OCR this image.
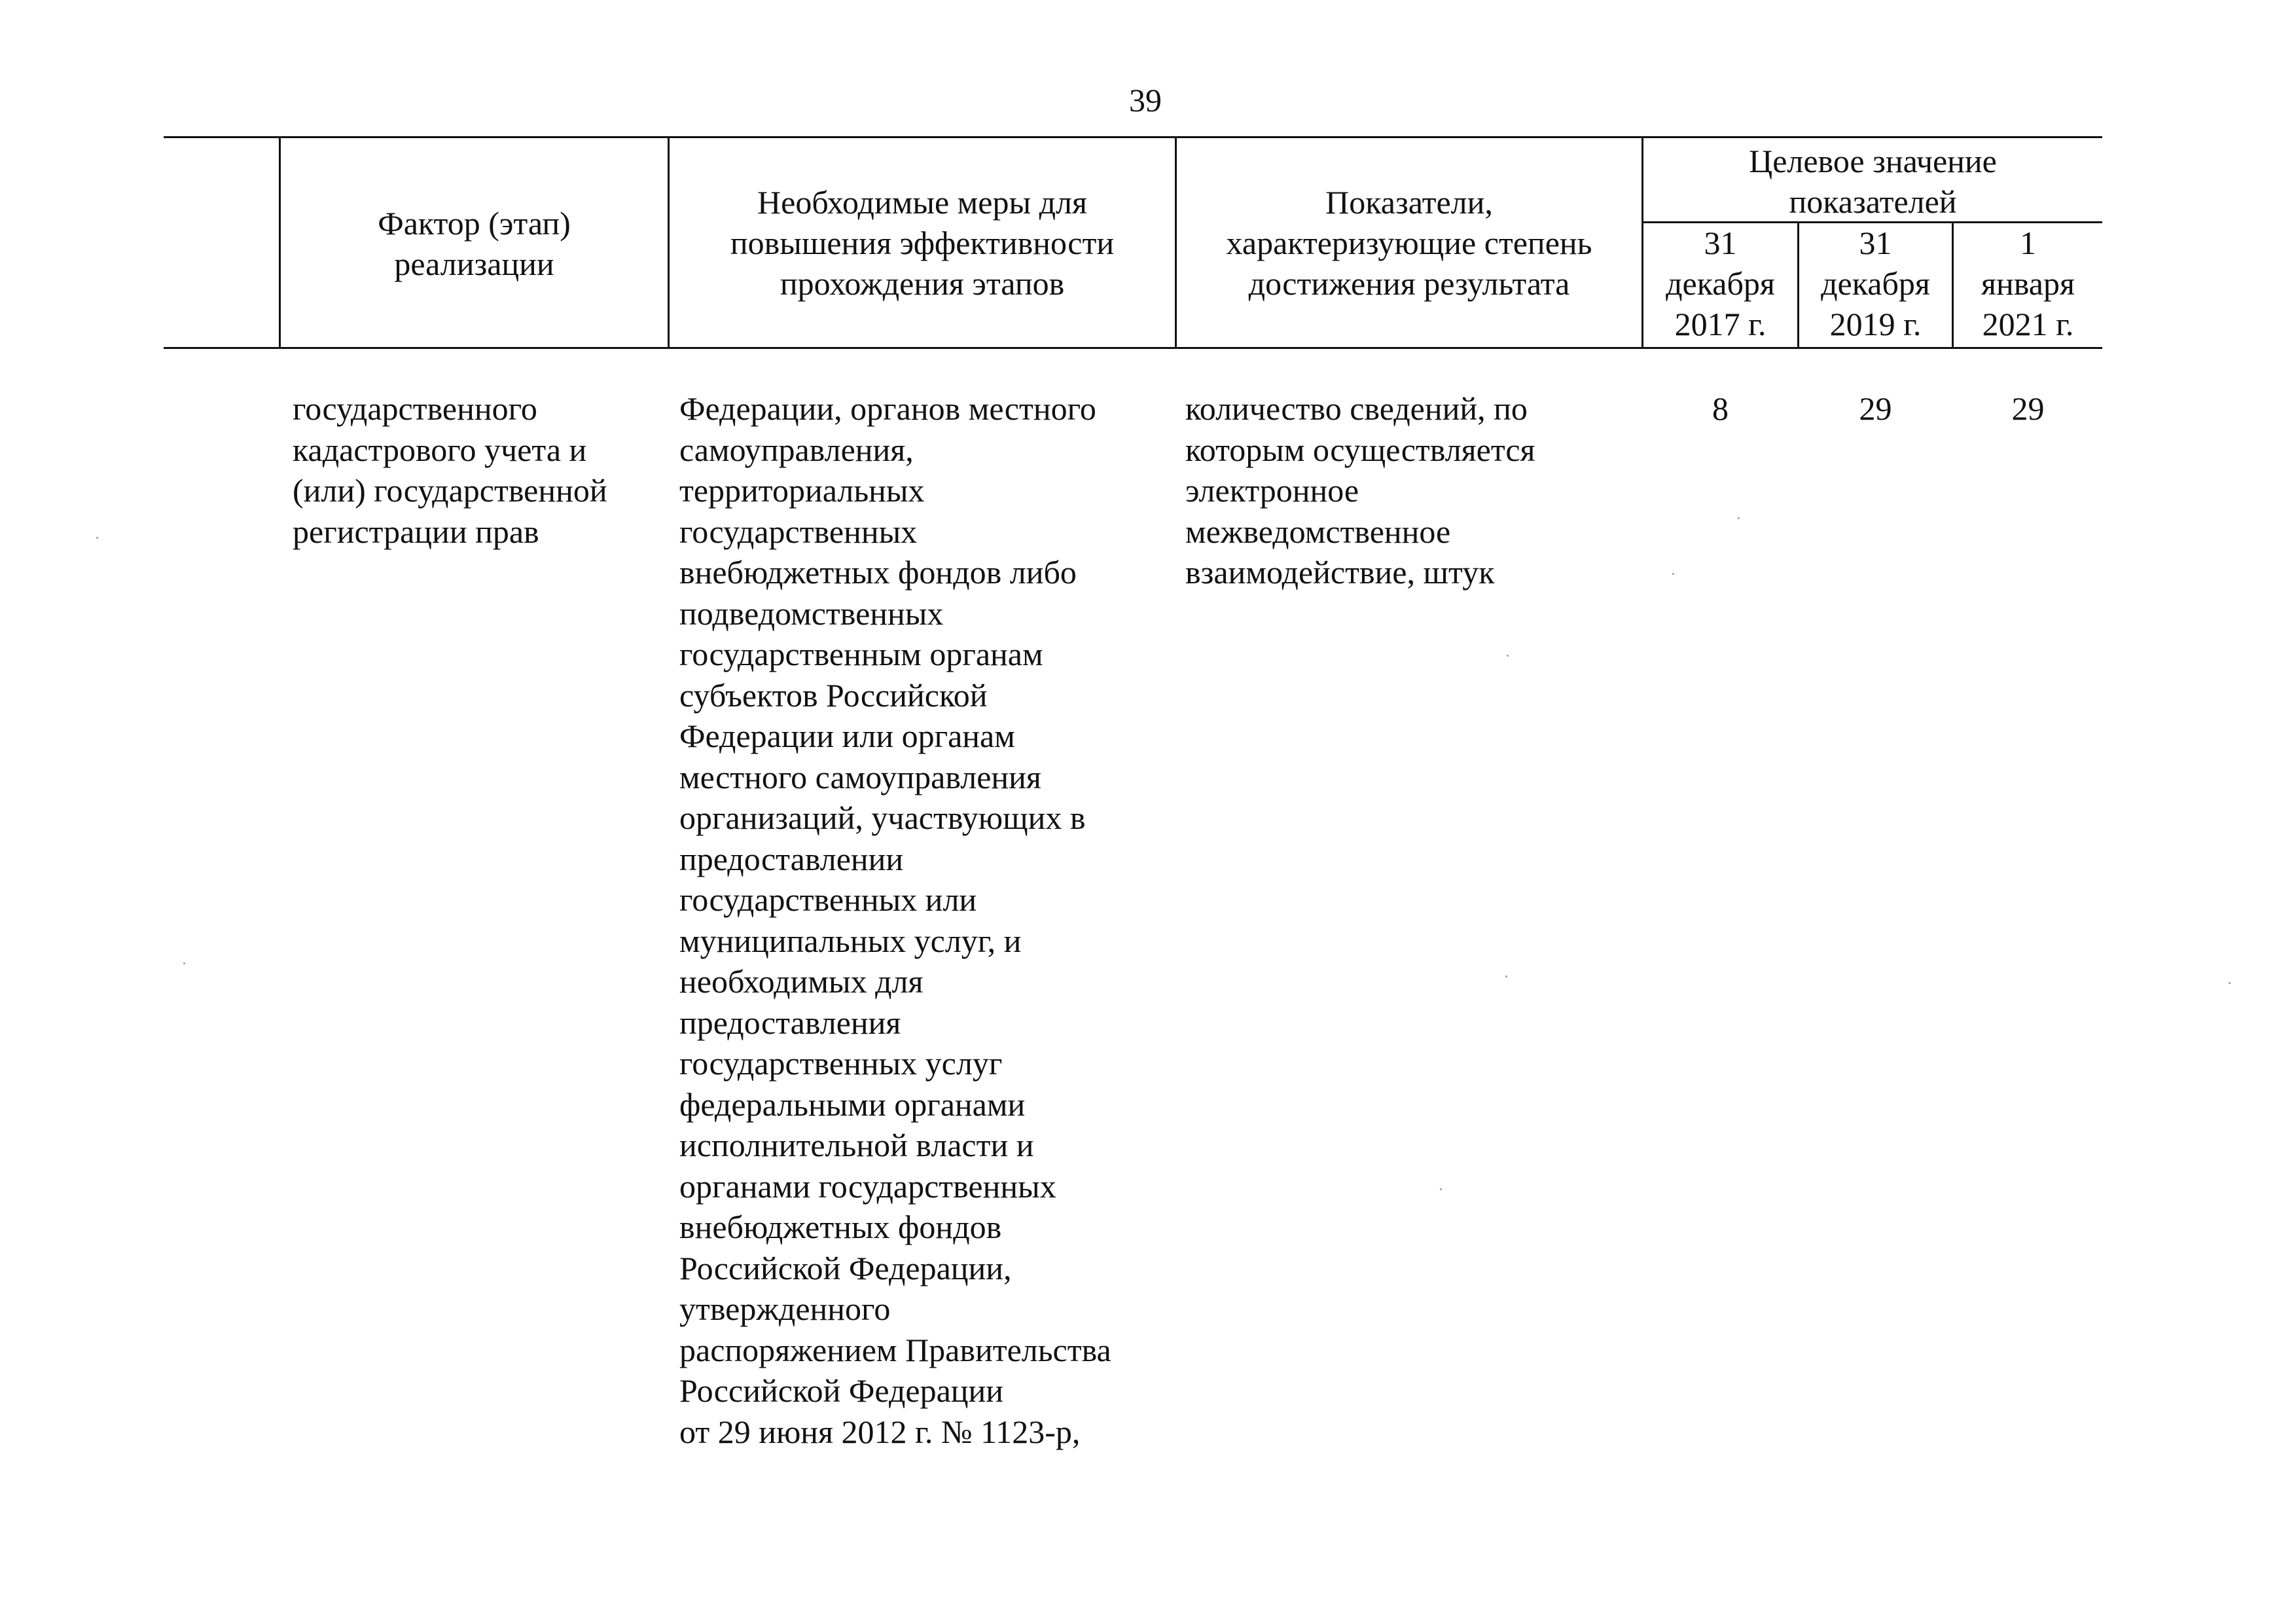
39
Фактор (этап)
реализации
Необходимые меры для
повышения эффективности
прохождения этапов
Показатели,
характеризующие степень
достижения результата
Целевое значение
показателей
31
декабря
2017 г.
31
декабря
2019 г.
1
января
2021 г.
государственного
кадастрового учета и
(или) государственной
регистрации прав
Федерации, органов местного
самоуправления,
территориальных
государственных
внебюджетных фондов либо
подведомственных
государственным органам
субъектов Российской
Федерации или органам
местного самоуправления
организаций, участвующих в
предоставлении
государственных или
муниципальных услуг, и
необходимых для
предоставления
государственных услуг
федеральными органами
исполнительной власти и
органами государственных
внебюджетных фондов
Российской Федерации,
утвержденного
распоряжением Правительства
Российской Федерации
от 29 июня 2012 г. № 1123-р,
количество сведений, по
которым осуществляется
электронное
межведомственное
взаимодействие, штук
8	29	29
